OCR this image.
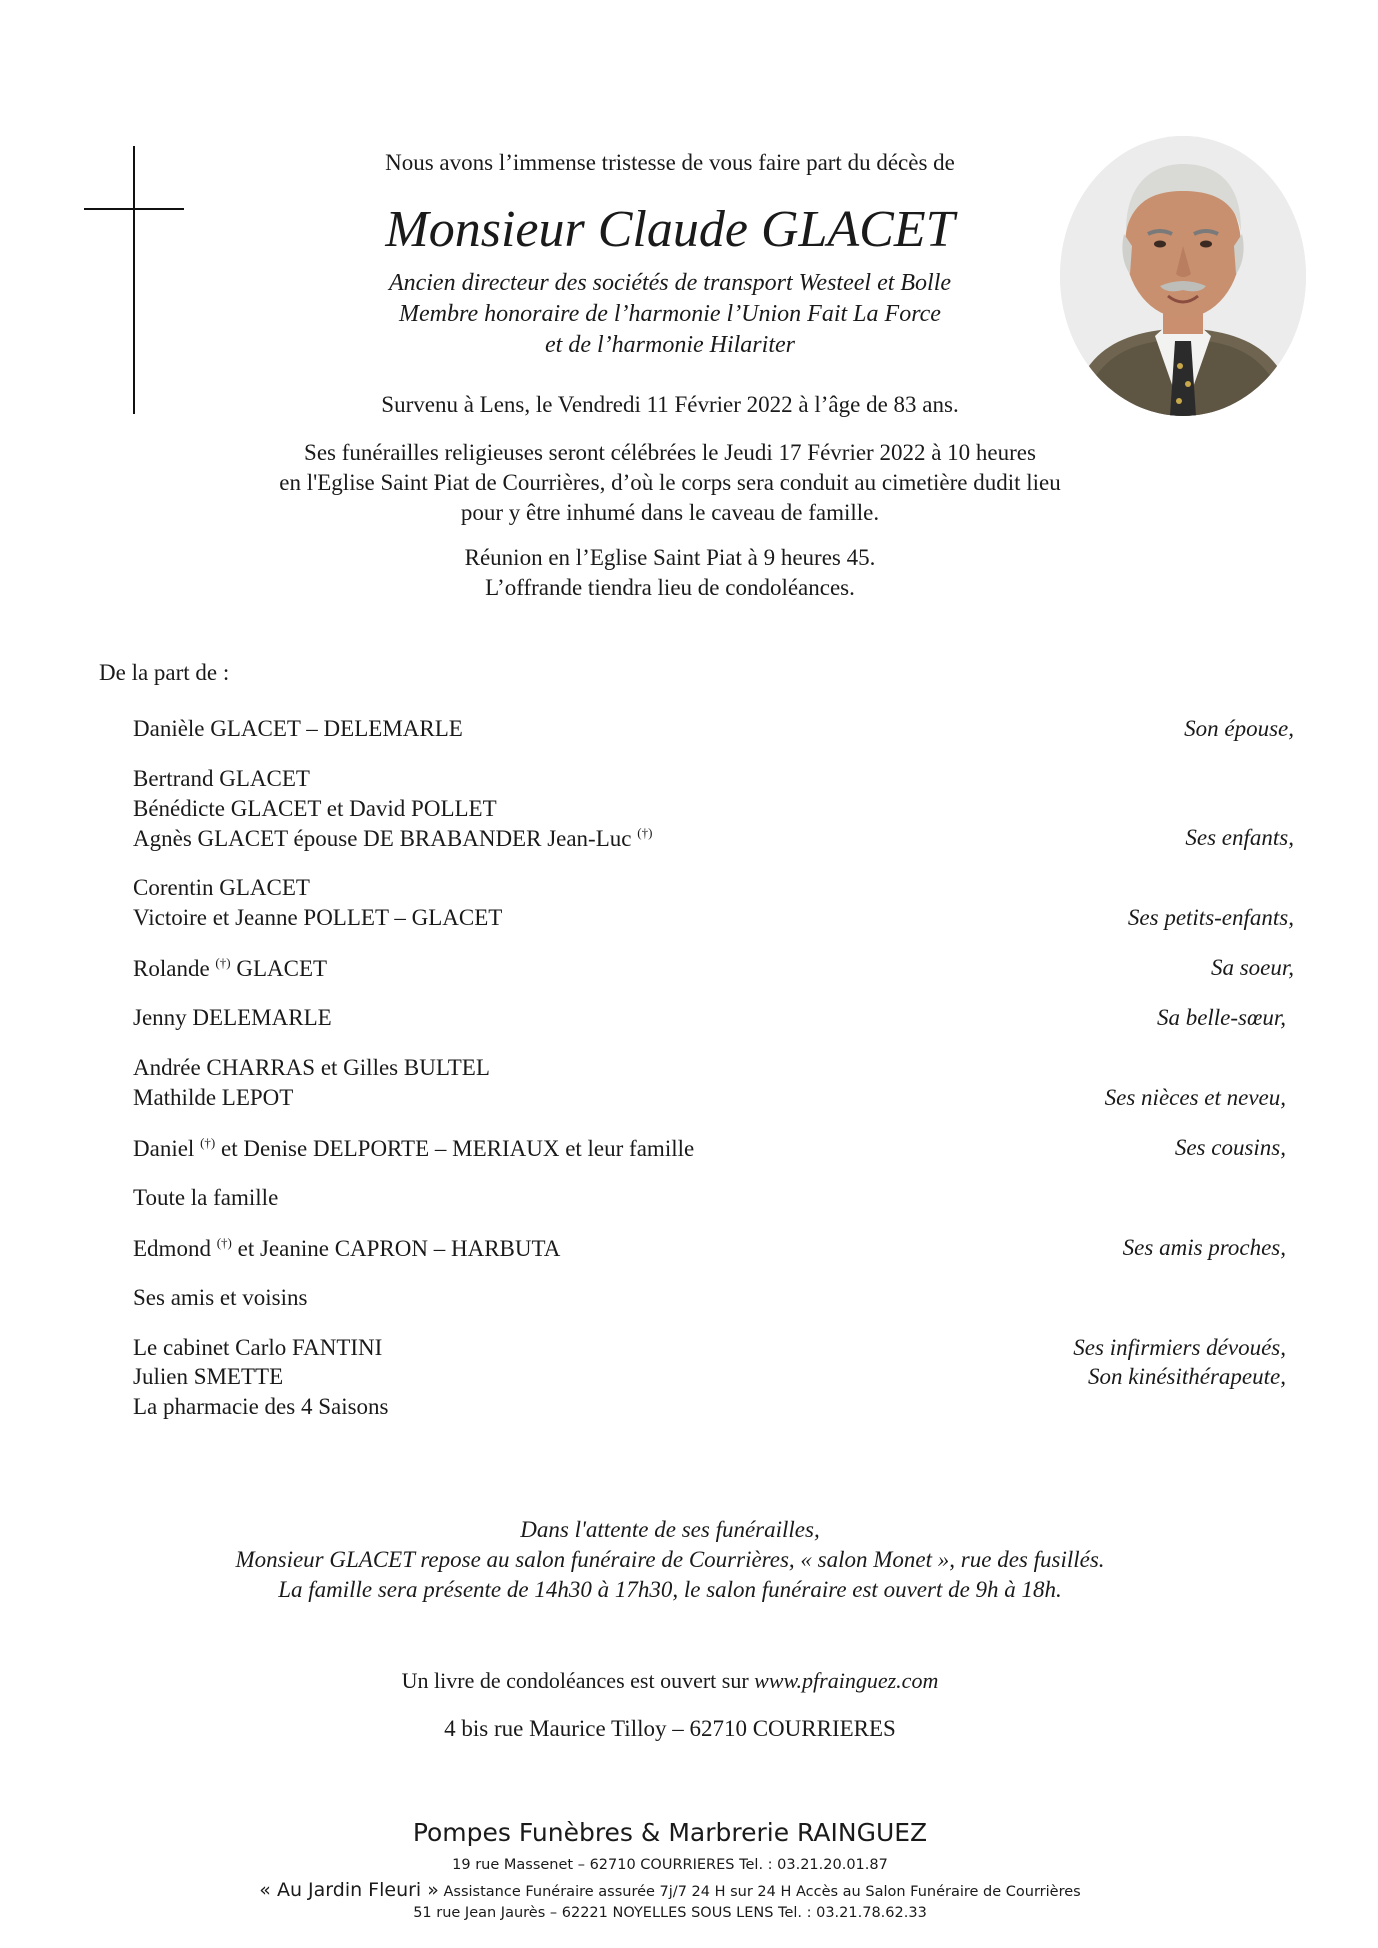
Nous avons l’immense tristesse de vous faire part du décès de
Monsieur Claude GLACET
Ancien directeur des sociétés de transport Westeel et Bolle
Membre honoraire de l’harmonie l’Union Fait La Force
et de l’harmonie Hilariter
Survenu à Lens, le Vendredi 11 Février 2022 à l’âge de 83 ans.
Ses funérailles religieuses seront célébrées le Jeudi 17 Février 2022 à 10 heures
en l'Eglise Saint Piat de Courrières, d’où le corps sera conduit au cimetière dudit lieu
pour y être inhumé dans le caveau de famille.
Réunion en l’Eglise Saint Piat à 9 heures 45.
L’offrande tiendra lieu de condoléances.
De la part de :
Danièle GLACET – DELEMARLE	Son épouse,
Bertrand GLACET
Bénédicte GLACET et David POLLET
Agnès GLACET épouse DE BRABANDER Jean-Luc (†)	Ses enfants,
Corentin GLACET
Victoire et Jeanne POLLET – GLACET	Ses petits-enfants,
Rolande (†) GLACET	Sa soeur,
Jenny DELEMARLE	Sa belle-sœur,
Andrée CHARRAS et Gilles BULTEL
Mathilde LEPOT	Ses nièces et neveu,
Daniel (†) et Denise DELPORTE – MERIAUX et leur famille	Ses cousins,
Toute la famille
Edmond (†) et Jeanine CAPRON – HARBUTA	Ses amis proches,
Ses amis et voisins
Le cabinet Carlo FANTINI	Ses infirmiers dévoués,
Julien SMETTE	Son kinésithérapeute,
La pharmacie des 4 Saisons
Dans l'attente de ses funérailles,
Monsieur GLACET repose au salon funéraire de Courrières, « salon Monet », rue des fusillés.
La famille sera présente de 14h30 à 17h30, le salon funéraire est ouvert de 9h à 18h.
Un livre de condoléances est ouvert sur www.pfrainguez.com
4 bis rue Maurice Tilloy – 62710 COURRIERES
Pompes Funèbres & Marbrerie RAINGUEZ
19 rue Massenet – 62710 COURRIERES Tel. : 03.21.20.01.87
« Au Jardin Fleuri » Assistance Funéraire assurée 7j/7 24 H sur 24 H Accès au Salon Funéraire de Courrières
51 rue Jean Jaurès – 62221 NOYELLES SOUS LENS Tel. : 03.21.78.62.33
